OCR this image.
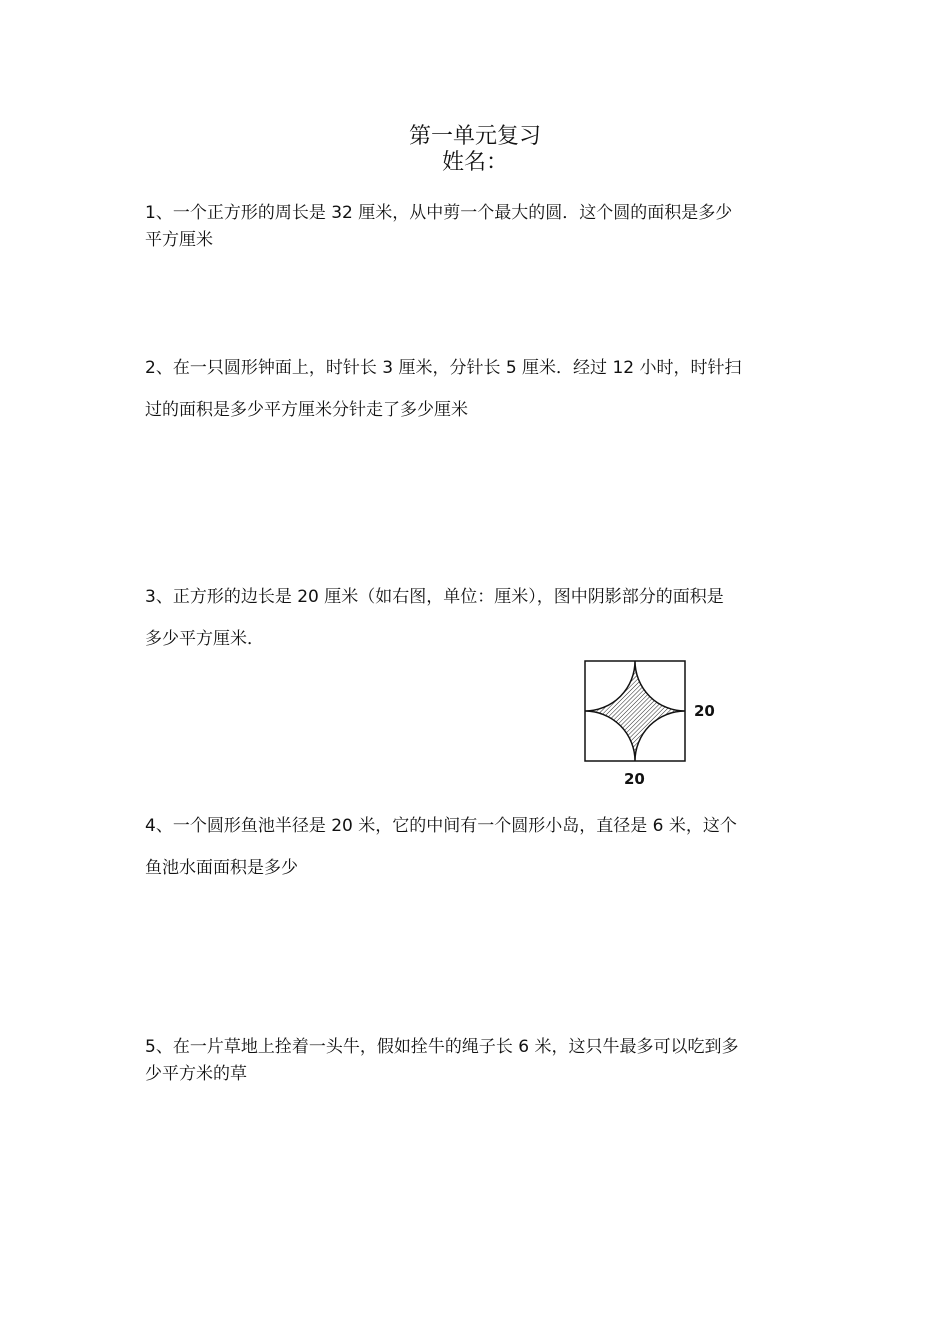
第一单元复习
姓名：
1、一个正方形的周长是 32 厘米，从中剪一个最大的圆．这个圆的面积是多少
平方厘米
2、在一只圆形钟面上，时针长 3 厘米，分针长 5 厘米．经过 12 小时，时针扫
过的面积是多少平方厘米分针走了多少厘米
3、正方形的边长是 20 厘米（如右图，单位：厘米），图中阴影部分的面积是
多少平方厘米．
20
20
4、一个圆形鱼池半径是 20 米，它的中间有一个圆形小岛，直径是 6 米，这个
鱼池水面面积是多少
5、在一片草地上拴着一头牛，假如拴牛的绳子长 6 米，这只牛最多可以吃到多
少平方米的草
